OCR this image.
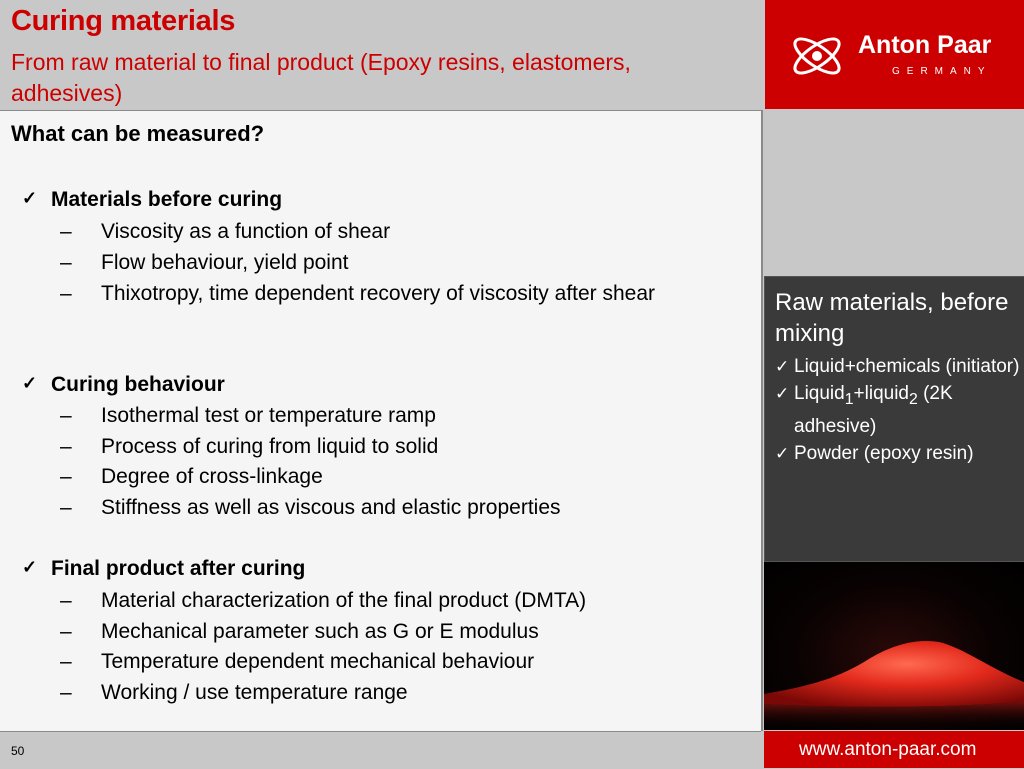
Curing materials
From raw material to final product (Epoxy resins, elastomers, adhesives)
Anton Paar
GERMANY
What can be measured?
✓ Materials before curing
– Viscosity as a function of shear
– Flow behaviour, yield point
– Thixotropy, time dependent recovery of viscosity after shear
✓ Curing behaviour
– Isothermal test or temperature ramp
– Process of curing from liquid to solid
– Degree of cross-linkage
– Stiffness as well as viscous and elastic properties
✓ Final product after curing
– Material characterization of the final product (DMTA)
– Mechanical parameter such as G or E modulus
– Temperature dependent mechanical behaviour
– Working / use temperature range
Raw materials, before mixing
✓ Liquid+chemicals (initiator)
✓ Liquid$_1$+liquid$_2$ (2K adhesive)
✓ Powder (epoxy resin)
50	www.anton-paar.com
